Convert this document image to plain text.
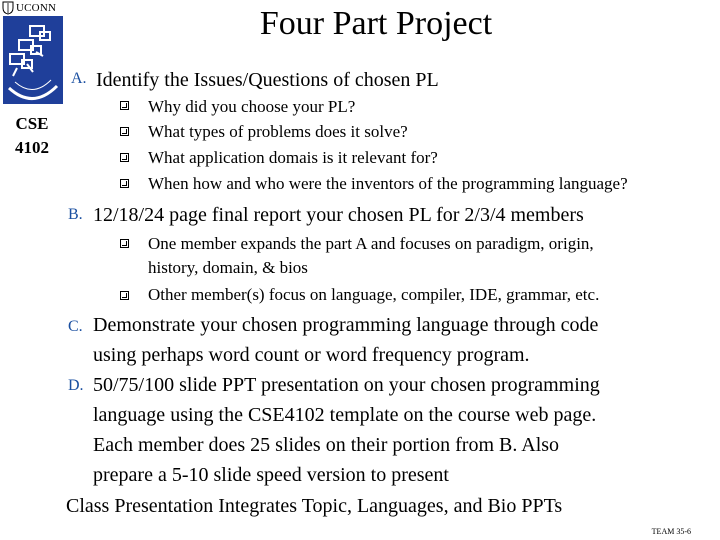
UCONN
CSE
4102
Four Part Project
A. Identify the Issues/Questions of chosen PL
Why did you choose your PL?
What types of problems does it solve?
What application domais is it relevant for?
When how and who were the inventors of the programming language?
B. 12/18/24 page final report your chosen PL for 2/3/4 members
One member expands the part A and focuses on paradigm, origin,
history, domain, & bios
Other member(s) focus on language, compiler, IDE, grammar, etc.
C. Demonstrate your chosen programming language through code
using perhaps word count or word frequency program.
D. 50/75/100 slide PPT presentation on your chosen programming
language using the CSE4102 template on the course web page.
Each member does 25 slides on their portion from B. Also
prepare a 5-10 slide speed version to present
Class Presentation Integrates Topic, Languages, and Bio PPTs
TEAM 35-6
